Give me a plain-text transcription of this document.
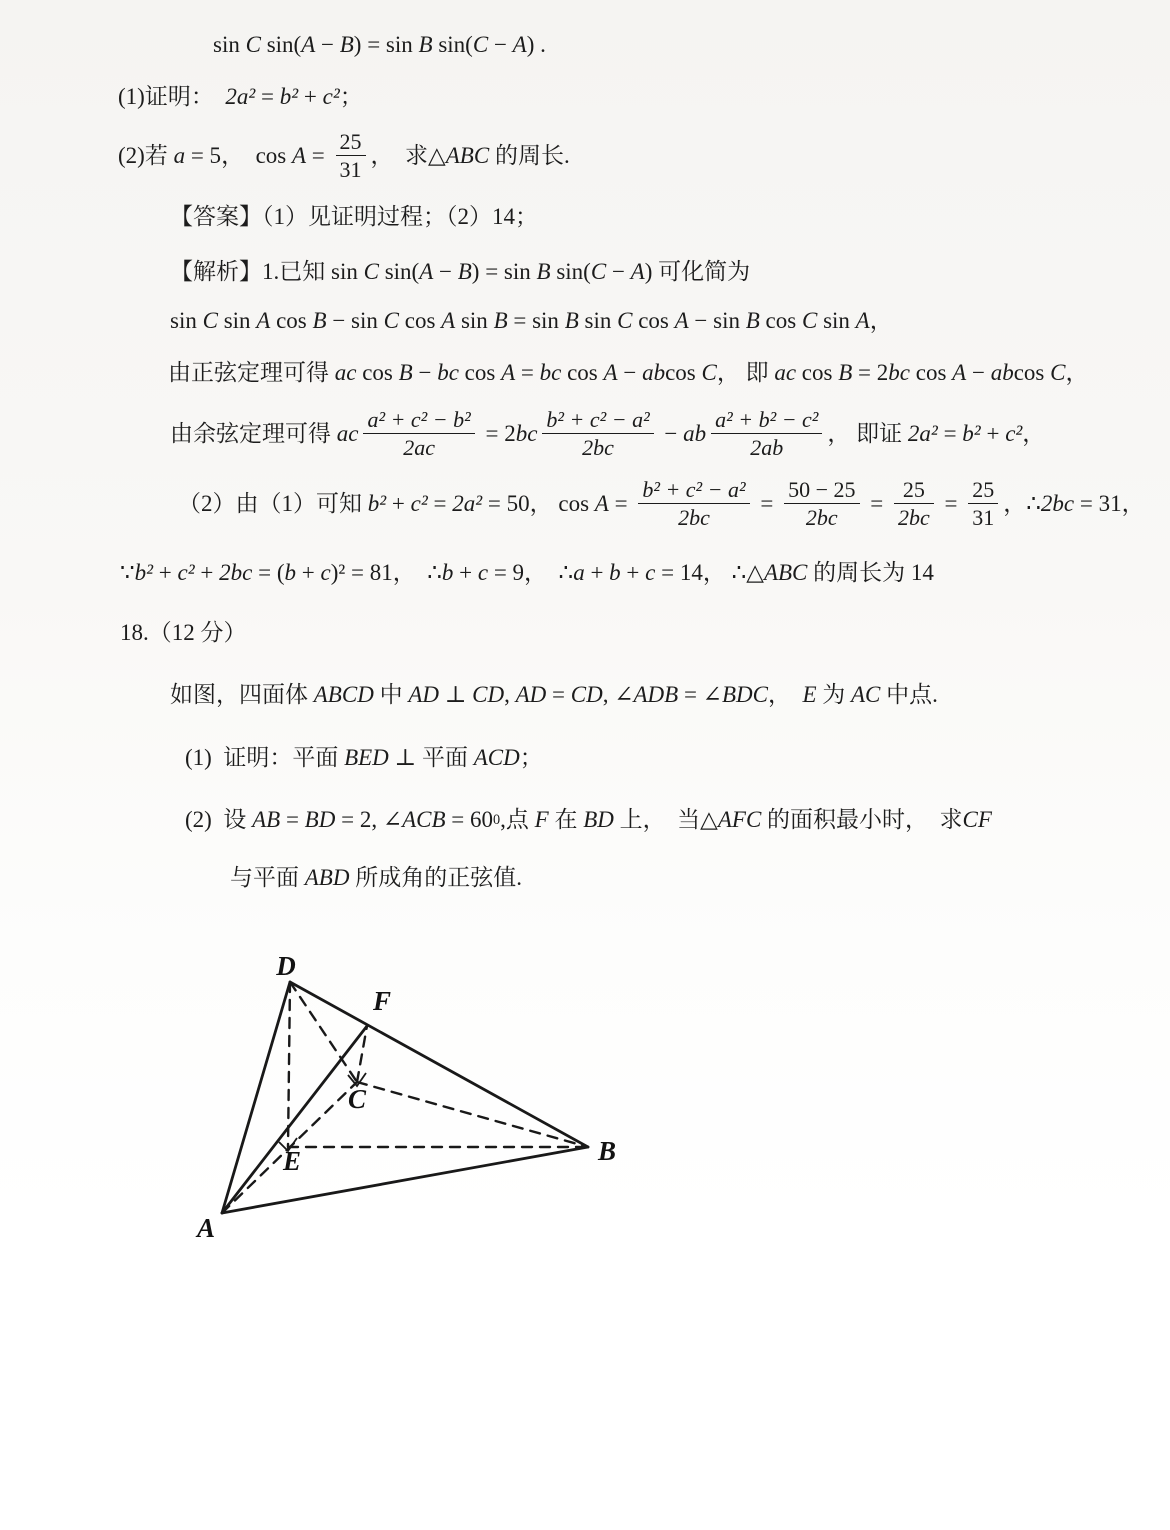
sin C sin( A − B ) = sin B sin( C − A ) .
(1)证明： 2a² = b² + c² ；
(2)若 a = 5 ， $\cos A = \frac{25}{31}$ ，  求 △ ABC 的周长.
【答案】（1）见证明过程；（2）14；
【解析】 1. 已知 sin C sin( A − B ) = sin B sin( C − A ) 可化简为
sin C sin A cos B − sin C cos A sin B = sin B sin C cos A − sin B cos C sin A ，
由正弦定理可得 ac cos B − bc cos A = bc cos A − ab cos C ， 即 ac cos B = 2 bc cos A − ab cos C ，
由余弦定理可得 ac $\frac{\text{a² + c² − b²}}{2ac} = 2$ bc $\frac{\text{b² + c² − a²}}{2bc}$ − ab $\frac{\text{a² + b² − c²}}{2ab}$ ， 即证 2a² = b² + c² ，
（2）由（1）可知 b² + c² = 2a² = 50 ， $\cos A = \frac{\text{b² + c² − a²}}{2bc} = \frac{50 - 25}{2bc} = \frac{25}{2bc} = \frac{25}{31}$ ， ∴ 2bc = 31 ，
∵ b² + c² + 2bc = ( b + c )² = 81 ， ∴ b + c = 9 ， ∴ a + b + c = 14 ， ∴△ ABC 的周长为 14
18. （12 分）
如图，四面体 ABCD 中 AD ⊥ CD , AD = CD , ∠ ADB = ∠ BDC ， E 为 AC 中点.
(1) 证明：平面 BED ⊥ 平面 ACD ；
(2) 设 AB = BD = 2, ∠ ACB = 60 0 , 点 F 在 BD 上，  当 △ AFC 的面积最小时，  求 CF
与平面 ABD 所成角的正弦值.
D
F
C
E	B
A
